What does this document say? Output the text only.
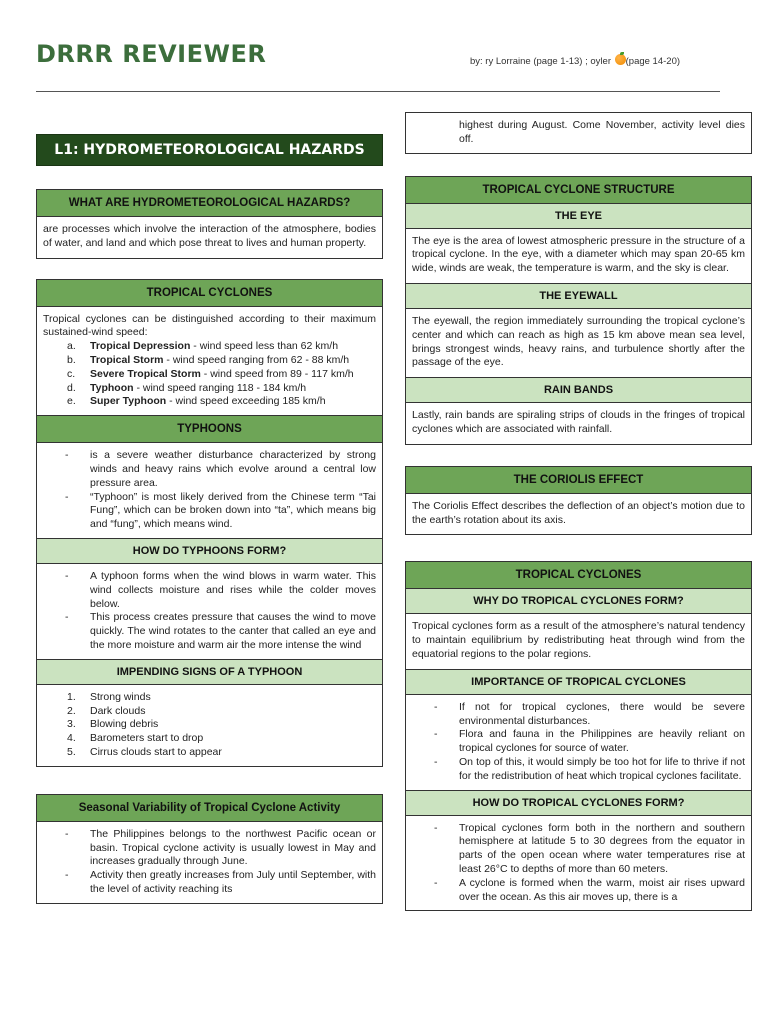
DRRR REVIEWER	by: ry Lorraine (page 1-13) ; oyler (page 14-20)
L1: HYDROMETEOROLOGICAL HAZARDS
WHAT ARE HYDROMETEOROLOGICAL HAZARDS?
are processes which involve the interaction of the atmosphere, bodies of water, and land and which pose threat to lives and human property.
TROPICAL CYCLONES
Tropical cyclones can be distinguished according to their maximum sustained-wind speed:
a. Tropical Depression - wind speed less than 62 km/h
b. Tropical Storm - wind speed ranging from 62 - 88 km/h
c. Severe Tropical Storm - wind speed from 89 - 117 km/h
d. Typhoon - wind speed ranging 118 - 184 km/h
e. Super Typhoon - wind speed exceeding 185 km/h
TYPHOONS
- is a severe weather disturbance characterized by strong winds and heavy rains which evolve around a central low pressure area.
- “Typhoon” is most likely derived from the Chinese term “Tai Fung”, which can be broken down into “ta”, which means big and “fung”, which means wind.
HOW DO TYPHOONS FORM?
- A typhoon forms when the wind blows in warm water. This wind collects moisture and rises while the colder moves below.
- This process creates pressure that causes the wind to move quickly. The wind rotates to the canter that called an eye and the more moisture and warm air the more intense the wind
IMPENDING SIGNS OF A TYPHOON
1. Strong winds
2. Dark clouds
3. Blowing debris
4. Barometers start to drop
5. Cirrus clouds start to appear
Seasonal Variability of Tropical Cyclone Activity
- The Philippines belongs to the northwest Pacific ocean or basin. Tropical cyclone activity is usually lowest in May and increases gradually through June.
- Activity then greatly increases from July until September, with the level of activity reaching its
highest during August. Come November, activity level dies off.
TROPICAL CYCLONE STRUCTURE
THE EYE
The eye is the area of lowest atmospheric pressure in the structure of a tropical cyclone. In the eye, with a diameter which may span 20-65 km wide, winds are weak, the temperature is warm, and the sky is clear.
THE EYEWALL
The eyewall, the region immediately surrounding the tropical cyclone’s center and which can reach as high as 15 km above mean sea level, brings strongest winds, heavy rains, and turbulence shortly after the passage of the eye.
RAIN BANDS
Lastly, rain bands are spiraling strips of clouds in the fringes of tropical cyclones which are associated with rainfall.
THE CORIOLIS EFFECT
The Coriolis Effect describes the deflection of an object’s motion due to the earth’s rotation about its axis.
TROPICAL CYCLONES
WHY DO TROPICAL CYCLONES FORM?
Tropical cyclones form as a result of the atmosphere’s natural tendency to maintain equilibrium by redistributing heat through wind from the equatorial regions to the polar regions.
IMPORTANCE OF TROPICAL CYCLONES
- If not for tropical cyclones, there would be severe environmental disturbances.
- Flora and fauna in the Philippines are heavily reliant on tropical cyclones for source of water.
- On top of this, it would simply be too hot for life to thrive if not for the redistribution of heat which tropical cyclones facilitate.
HOW DO TROPICAL CYCLONES FORM?
- Tropical cyclones form both in the northern and southern hemisphere at latitude 5 to 30 degrees from the equator in parts of the open ocean where water temperatures rise at least 26°C to depths of more than 60 meters.
- A cyclone is formed when the warm, moist air rises upward over the ocean. As this air moves up, there is a
